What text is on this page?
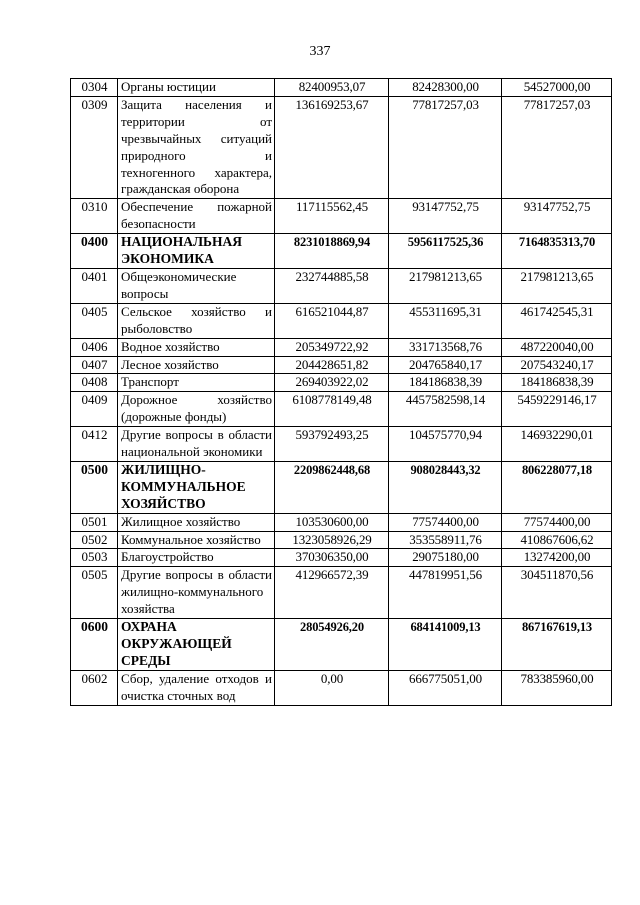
337
0304	Органы юстиции	82400953,07	82428300,00	54527000,00
0309	Защита населения и территории от чрезвычайных ситуаций природного и техногенного характера, гражданская оборона	136169253,67	77817257,03	77817257,03
0310	Обеспечение пожарной безопасности	117115562,45	93147752,75	93147752,75
0400	НАЦИОНАЛЬНАЯ ЭКОНОМИКА	8231018869,94	5956117525,36	7164835313,70
0401	Общеэкономические вопросы	232744885,58	217981213,65	217981213,65
0405	Сельское хозяйство и рыболовство	616521044,87	455311695,31	461742545,31
0406	Водное хозяйство	205349722,92	331713568,76	487220040,00
0407	Лесное хозяйство	204428651,82	204765840,17	207543240,17
0408	Транспорт	269403922,02	184186838,39	184186838,39
0409	Дорожное хозяйство (дорожные фонды)	6108778149,48	4457582598,14	5459229146,17
0412	Другие вопросы в области национальной экономики	593792493,25	104575770,94	146932290,01
0500	ЖИЛИЩНО-КОММУНАЛЬНОЕ ХОЗЯЙСТВО	2209862448,68	908028443,32	806228077,18
0501	Жилищное хозяйство	103530600,00	77574400,00	77574400,00
0502	Коммунальное хозяйство	1323058926,29	353558911,76	410867606,62
0503	Благоустройство	370306350,00	29075180,00	13274200,00
0505	Другие вопросы в области жилищно-коммунального хозяйства	412966572,39	447819951,56	304511870,56
0600	ОХРАНА ОКРУЖАЮЩЕЙ СРЕДЫ	28054926,20	684141009,13	867167619,13
0602	Сбор, удаление отходов и очистка сточных вод	0,00	666775051,00	783385960,00
